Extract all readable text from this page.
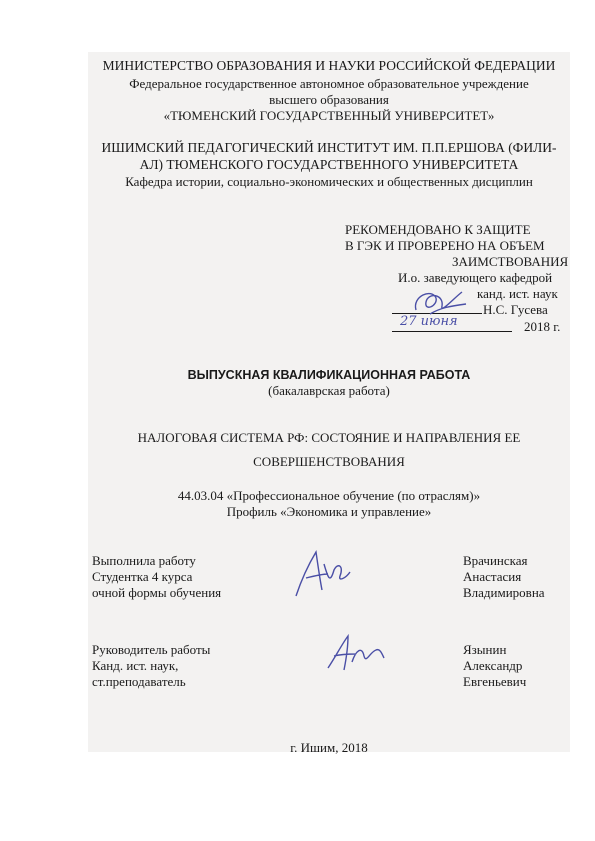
МИНИСТЕРСТВО ОБРАЗОВАНИЯ И НАУКИ РОССИЙСКОЙ ФЕДЕРАЦИИ
Федеральное государственное автономное образовательное учреждение
высшего образования
«ТЮМЕНСКИЙ ГОСУДАРСТВЕННЫЙ УНИВЕРСИТЕТ»
ИШИМСКИЙ ПЕДАГОГИЧЕСКИЙ ИНСТИТУТ ИМ. П.П.ЕРШОВА (ФИЛИ-
АЛ) ТЮМЕНСКОГО ГОСУДАРСТВЕННОГО УНИВЕРСИТЕТА
Кафедра истории, социально-экономических и общественных дисциплин
РЕКОМЕНДОВАНО К ЗАЩИТЕ
В ГЭК И ПРОВЕРЕНО НА ОБЪЕМ
ЗАИМСТВОВАНИЯ
И.о. заведующего кафедрой
канд. ист. наук
Н.С. Гусева
27 июня	2018 г.
ВЫПУСКНАЯ КВАЛИФИКАЦИОННАЯ РАБОТА
(бакалаврская работа)
НАЛОГОВАЯ СИСТЕМА РФ: СОСТОЯНИЕ И НАПРАВЛЕНИЯ ЕЕ
СОВЕРШЕНСТВОВАНИЯ
44.03.04 «Профессиональное обучение (по отраслям)»
Профиль «Экономика и управление»
Выполнила работу
Студентка 4 курса
очной формы обучения
Врачинская
Анастасия
Владимировна
Руководитель работы
Канд. ист. наук,
ст.преподаватель
Язынин
Александр
Евгеньевич
г. Ишим, 2018
